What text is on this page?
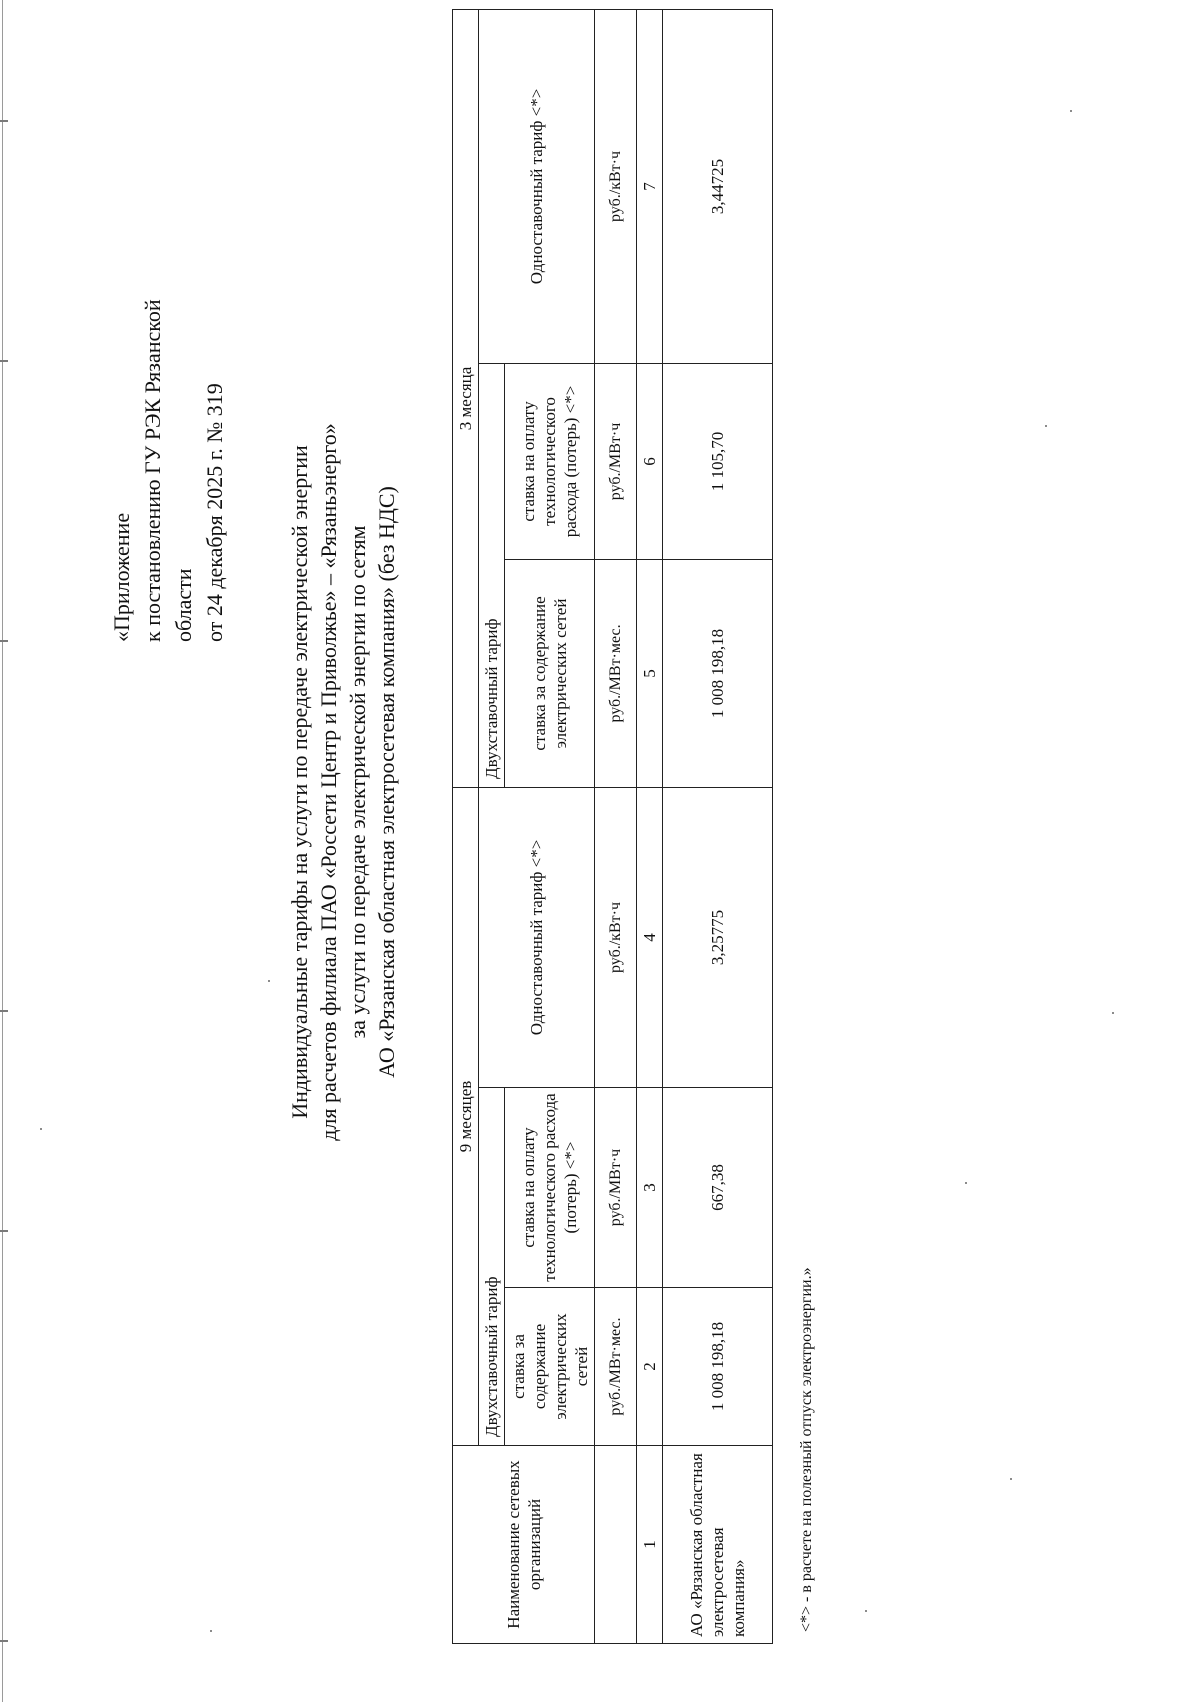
«Приложение к постановлению ГУ РЭК Рязанской области от 24 декабря 2025 г. № 319	Индивидуальные тарифы на услуги по передаче электрической энергии для расчетов филиала ПАО «Россети Центр и Приволжье» – «Рязаньэнерго» за услуги по передаче электрической энергии по сетям АО «Рязанская областная электросетевая компания» (без НДС)
Наименование сетевых организаций	9 месяцев			3 месяца		
	Двухставочный тариф		Одноставочный тариф <*>	Двухставочный тариф		Одноставочный тариф <*>
	ставка за содержание электрических сетей	ставка на оплату технологического расхода (потерь) <*>		ставка за содержание электрических сетей	ставка на оплату технологического расхода (потерь) <*>	
	руб./МВт·мес.	руб./МВт·ч	руб./кВт·ч	руб./МВт·мес.	руб./МВт·ч	руб./кВт·ч
1	2	3	4	5	6	7
АО «Рязанская областная электросетевая компания»	1 008 198,18	667,38	3,25775	1 008 198,18	1 105,70	3,44725
<*> - в расчете на полезный отпуск электроэнергии.»
